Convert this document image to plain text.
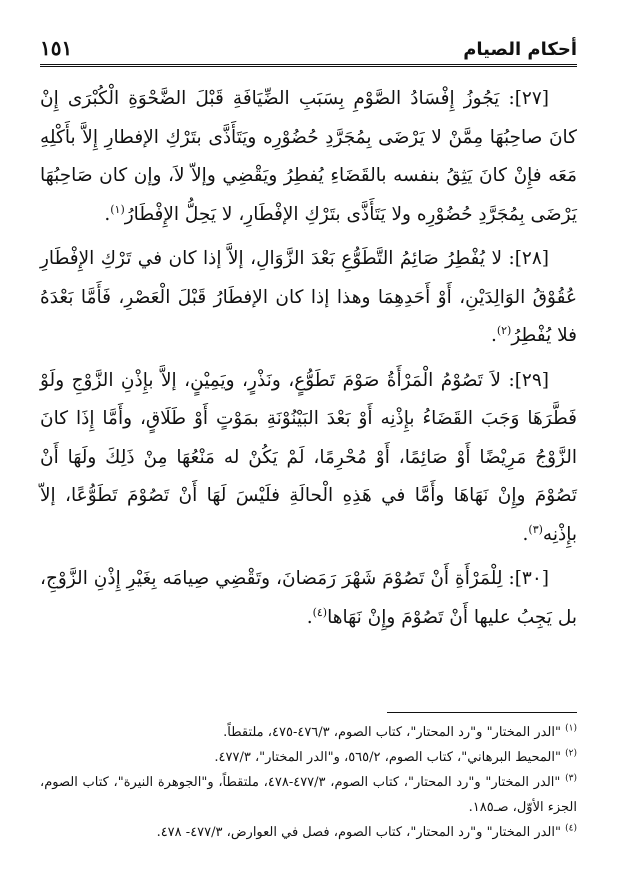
أحكام الصيام
١٥١

[٢٧]: يَجُوزُ إِفْسَادُ الصَّوْمِ بِسَبَبِ الضِّيَافَةِ قَبْلَ الضَّحْوَةِ الْكُبْرَى إِنْ كانَ صاحِبُهَا مِمَّنْ لا يَرْضَى بِمُجَرَّدِ حُضُوْرِه ويَتَأَذَّى بتَرْكِ الإفطارِ إِلاَّ بأَكْلِهِ مَعَه فإِنْ كانَ يَثِقُ بنفسه بالقَضَاءِ يُفطِرُ ويَقْضِي وإلاّ لاَ، وإن كان صَاحِبُهَا يَرْضَى بِمُجَرَّدِ حُضُوْرِه ولا يَتَأَذَّى بتَرْكِ الإفْطَارِ، لا يَحِلُّ الإِفْطَارُ$^{(١)}$.

[٢٨]: لا يُفْطِرُ صَائِمُ التَّطَوُّعِ بَعْدَ الزَّوَالِ، إلاَّ إذا كان في تَرْكِ الإِفْطَارِ عُقُوْقُ الوَالِدَيْنِ، أَوْ أَحَدِهِمَا وهذا إذا كان الإفطَارُ قَبْلَ الْعَصْرِ، فَأَمَّا بَعْدَهُ فلا يُفْطِرُ$^{(٢)}$.

[٢٩]: لاَ تَصُوْمُ الْمَرْأَةُ صَوْمَ تَطَوُّعٍ، ونَذْرٍ، ويَمِيْنٍ، إلاَّ بإِذْنِ الزَّوْجِ ولَوْ فَطَّرَهَا وَجَبَ القَضَاءُ بإِذْنِه أَوْ بَعْدَ البَيْنُوْنَةِ بمَوْتٍ أَوْ طَلَاقٍ، وأَمَّا إِذَا كانَ الزَّوْجُ مَرِيْضًا أَوْ صَائِمًا، أَوْ مُحْرِمًا، لَمْ يَكُنْ له مَنْعُهَا مِنْ ذَلِكَ ولَهَا أَنْ تَصُوْمَ وإِنْ نَهَاهَا وأَمَّا في هَذِهِ الْحالَةِ فلَيْسَ لَهَا أَنْ تَصُوْمَ تَطَوُّعًا، إلاّ بإِذْنِه$^{(٣)}$.

[٣٠]: لِلْمَرْأَةِ أَنْ تَصُوْمَ شَهْرَ رَمَضانَ، وتَقْضِي صِيامَه بِغَيْرِ إِذْنِ الزَّوْجِ، بل يَجِبُ عليها أَنْ تَصُوْمَ وإِنْ نَهَاها$^{(٤)}$.

$^{(١)}$ "الدر المختار" و"رد المحتار"، كتاب الصوم، ٤٧٦/٣-٤٧٥، ملتقطاً.

$^{(٢)}$ "المحيط البرهاني"، كتاب الصوم، ٥٦٥/٢، و"الدر المختار"، ٤٧٧/٣.

$^{(٣)}$ "الدر المختار" و"رد المحتار"، كتاب الصوم، ٤٧٧/٣-٤٧٨، ملتقطاً، و"الجوهرة النيرة"، كتاب الصوم، الجزء الأوّل، صـ١٨٥.

$^{(٤)}$ "الدر المختار" و"رد المحتار"، كتاب الصوم، فصل في العوارض، ٤٧٧/٣- ٤٧٨.
